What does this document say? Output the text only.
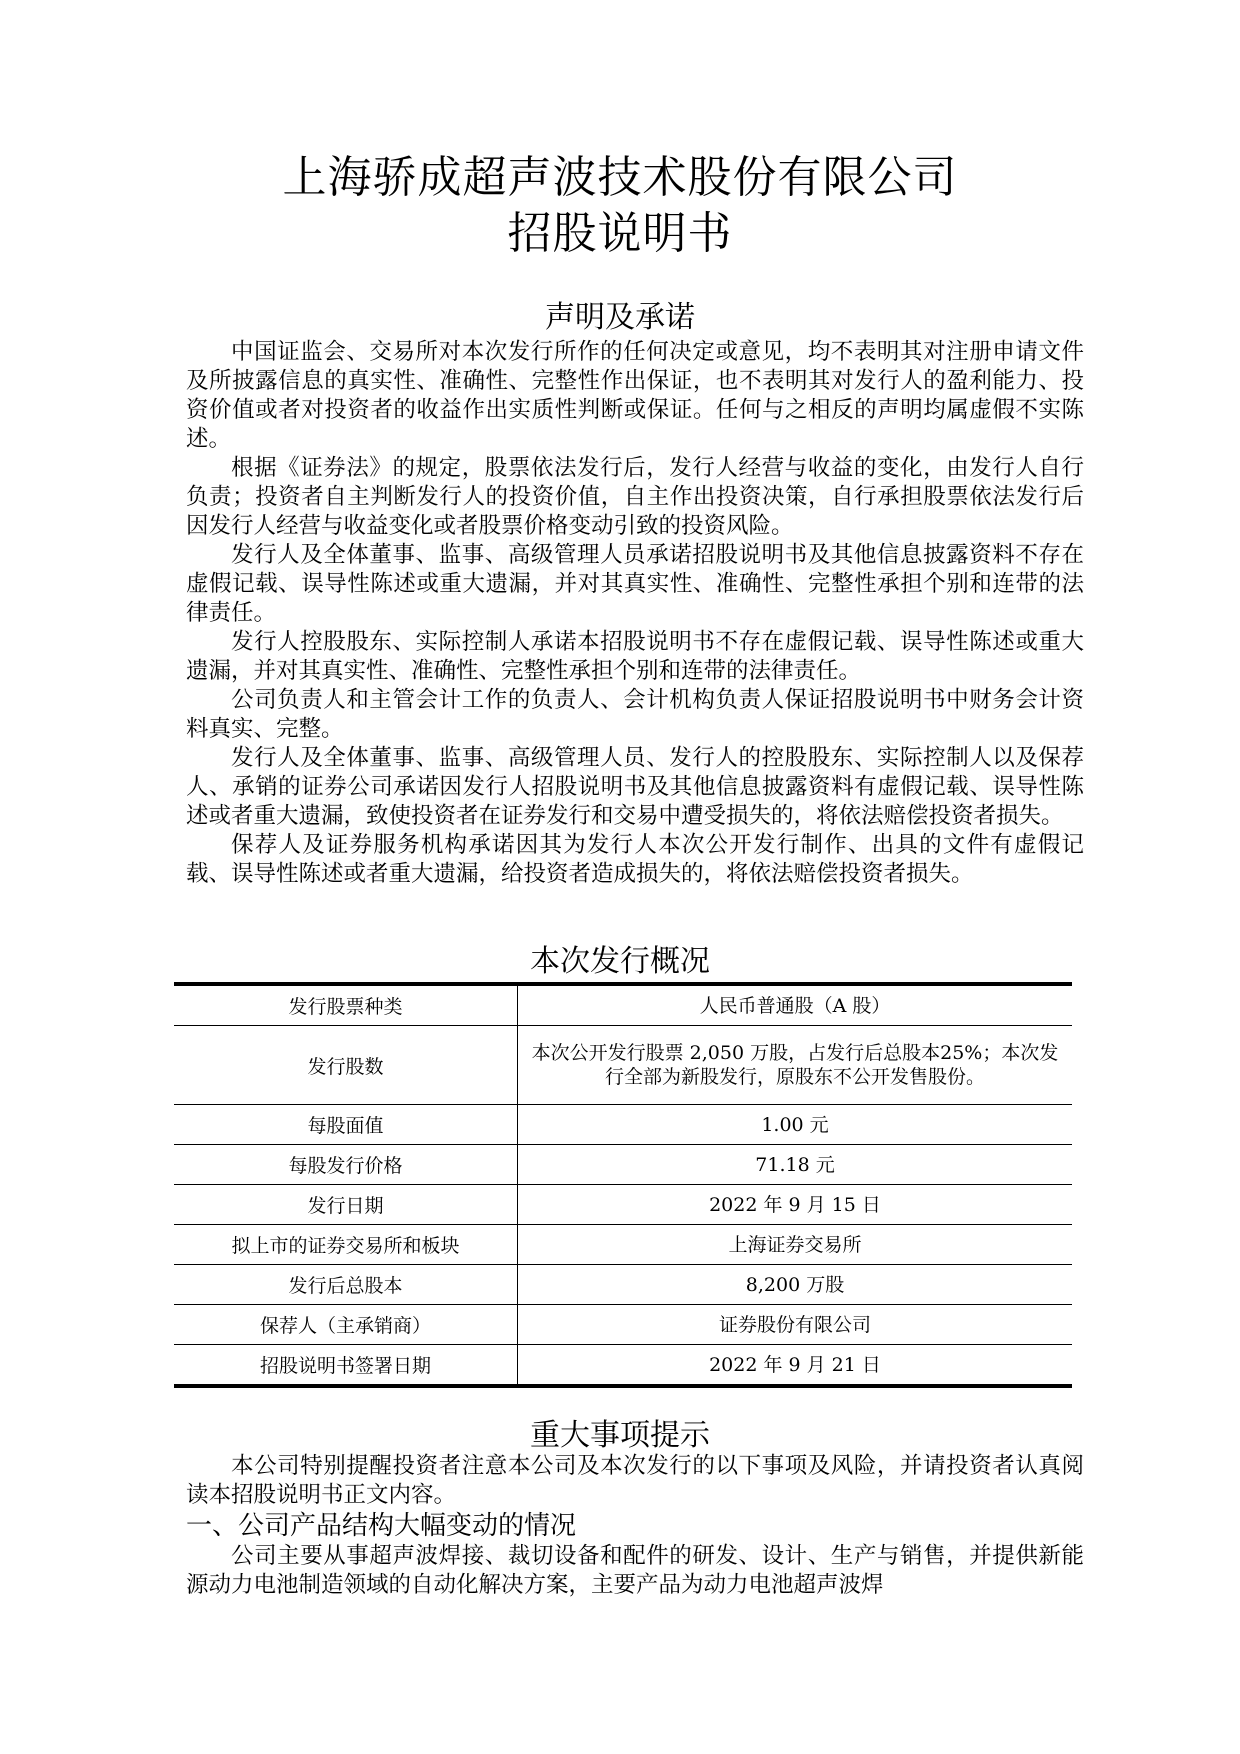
上海骄成超声波技术股份有限公司
招股说明书
声明及承诺

中国证监会、交易所对本次发行所作的任何决定或意见，均不表明其对注册申请文件及所披露信息的真实性、准确性、完整性作出保证，也不表明其对发行人的盈利能力、投资价值或者对投资者的收益作出实质性判断或保证。任何与之相反的声明均属虚假不实陈述。

根据《证券法》的规定，股票依法发行后，发行人经营与收益的变化，由发行人自行负责；投资者自主判断发行人的投资价值，自主作出投资决策，自行承担股票依法发行后因发行人经营与收益变化或者股票价格变动引致的投资风险。

发行人及全体董事、监事、高级管理人员承诺招股说明书及其他信息披露资料不存在虚假记载、误导性陈述或重大遗漏，并对其真实性、准确性、完整性承担个别和连带的法律责任。

发行人控股股东、实际控制人承诺本招股说明书不存在虚假记载、误导性陈述或重大遗漏，并对其真实性、准确性、完整性承担个别和连带的法律责任。

公司负责人和主管会计工作的负责人、会计机构负责人保证招股说明书中财务会计资料真实、完整。

发行人及全体董事、监事、高级管理人员、发行人的控股股东、实际控制人以及保荐人、承销的证券公司承诺因发行人招股说明书及其他信息披露资料有虚假记载、误导性陈述或者重大遗漏，致使投资者在证券发行和交易中遭受损失的，将依法赔偿投资者损失。

保荐人及证券服务机构承诺因其为发行人本次公开发行制作、出具的文件有虚假记载、误导性陈述或者重大遗漏，给投资者造成损失的，将依法赔偿投资者损失。

本次发行概况
发行股票种类	人民币普通股（A 股）
发行股数	本次公开发行股票 2,050 万股，占发行后总股本25%；本次发行全部为新股发行，原股东不公开发售股份。
每股面值	1.00 元
每股发行价格	71.18 元
发行日期	2022 年 9 月 15 日
拟上市的证券交易所和板块	上海证券交易所
发行后总股本	8,200 万股
保荐人（主承销商）	证券股份有限公司
招股说明书签署日期	2022 年 9 月 21 日
重大事项提示

本公司特别提醒投资者注意本公司及本次发行的以下事项及风险，并请投资者认真阅读本招股说明书正文内容。

一、公司产品结构大幅变动的情况

公司主要从事超声波焊接、裁切设备和配件的研发、设计、生产与销售，并提供新能源动力电池制造领域的自动化解决方案，主要产品为动力电池超声波焊
